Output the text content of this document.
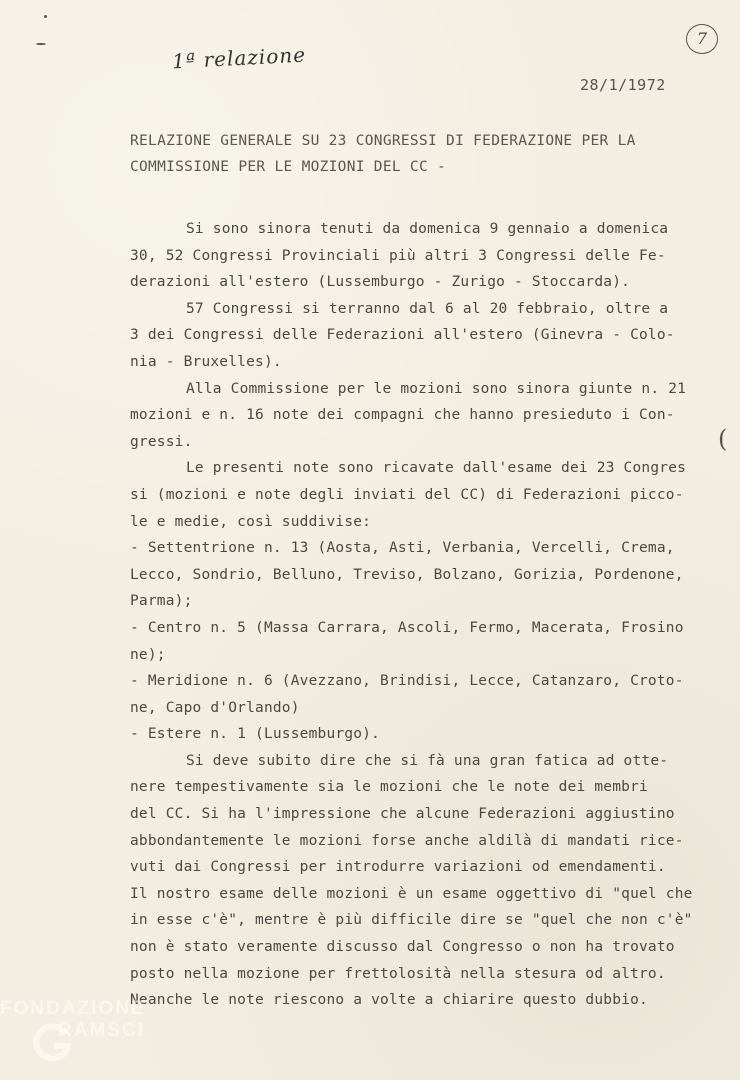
7
1ª relazione
28/1/1972

RELAZIONE GENERALE SU 23 CONGRESSI DI FEDERAZIONE PER LA

COMMISSIONE PER LE MOZIONI DEL CC -

Si sono sinora tenuti da domenica 9 gennaio a domenica

30, 52 Congressi Provinciali più altri 3 Congressi delle Fe-

derazioni all'estero (Lussemburgo - Zurigo - Stoccarda).

57 Congressi si terranno dal 6 al 20 febbraio, oltre a

3 dei Congressi delle Federazioni all'estero (Ginevra - Colo-

nia - Bruxelles).

Alla Commissione per le mozioni sono sinora giunte n. 21

mozioni e n. 16 note dei compagni che hanno presieduto i Con-

gressi.

Le presenti note sono ricavate dall'esame dei 23 Congres

si (mozioni e note degli inviati del CC) di Federazioni picco-

le e medie, così suddivise:

- Settentrione n. 13 (Aosta, Asti, Verbania, Vercelli, Crema,

Lecco, Sondrio, Belluno, Treviso, Bolzano, Gorizia, Pordenone,

Parma);

- Centro n. 5 (Massa Carrara, Ascoli, Fermo, Macerata, Frosino

ne);

- Meridione n. 6 (Avezzano, Brindisi, Lecce, Catanzaro, Croto-

ne, Capo d'Orlando)

- Estere n. 1 (Lussemburgo).

Si deve subito dire che si fà una gran fatica ad otte-

nere tempestivamente sia le mozioni che le note dei membri

del CC. Si ha l'impressione che alcune Federazioni aggiustino

abbondantemente le mozioni forse anche aldilà di mandati rice-

vuti dai Congressi per introdurre variazioni od emendamenti.

Il nostro esame delle mozioni è un esame oggettivo di "quel che

in esse c'è", mentre è più difficile dire se "quel che non c'è"

non è stato veramente discusso dal Congresso o non ha trovato

posto nella mozione per frettolosità nella stesura od altro.

Neanche le note riescono a volte a chiarire questo dubbio.

(
FONDAZIONE
RAMSCI
